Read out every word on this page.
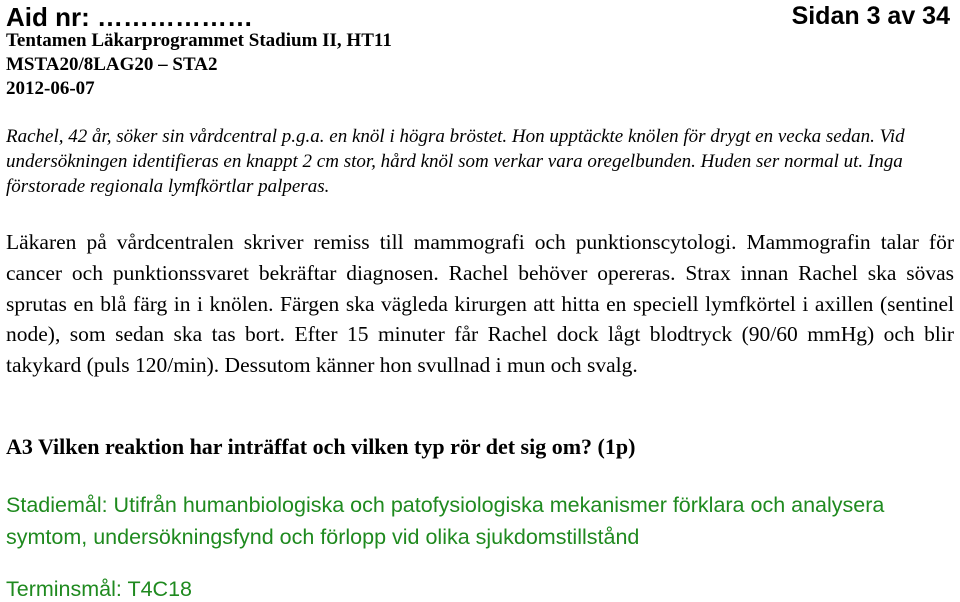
Aid nr: ………………	Sidan 3 av 34
Tentamen Läkarprogrammet Stadium II, HT11
MSTA20/8LAG20 – STA2
2012-06-07
Rachel, 42 år, söker sin vårdcentral p.g.a. en knöl i högra bröstet. Hon upptäckte knölen för drygt en vecka sedan. Vid undersökningen identifieras en knappt 2 cm stor, hård knöl som verkar vara oregelbunden. Huden ser normal ut. Inga förstorade regionala lymfkörtlar palperas.
Läkaren på vårdcentralen skriver remiss till mammografi och punktionscytologi. Mammografin talar för cancer och punktionssvaret bekräftar diagnosen. Rachel behöver opereras. Strax innan Rachel ska sövas sprutas en blå färg in i knölen. Färgen ska vägleda kirurgen att hitta en speciell lymfkörtel i axillen (sentinel node), som sedan ska tas bort. Efter 15 minuter får Rachel dock lågt blodtryck (90/60 mmHg) och blir takykard (puls 120/min). Dessutom känner hon svullnad i mun och svalg.
A3 Vilken reaktion har inträffat och vilken typ rör det sig om? (1p)
Stadiemål: Utifrån humanbiologiska och patofysiologiska mekanismer förklara och analysera symtom, undersökningsfynd och förlopp vid olika sjukdomstillstånd
Terminsmål: T4C18
